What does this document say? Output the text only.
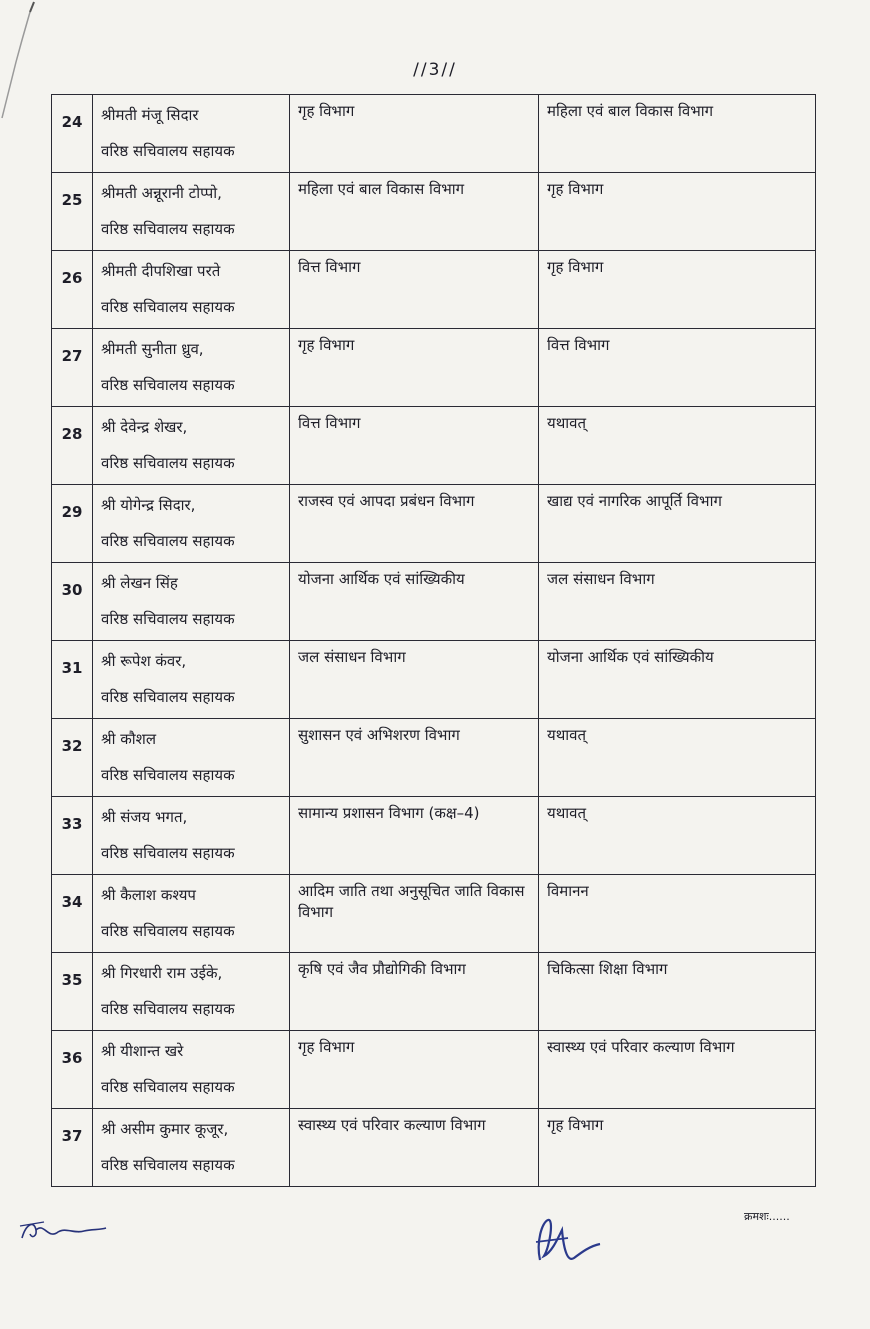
//3//
24	श्रीमती मंजू सिदार
वरिष्ठ सचिवालय सहायक	गृह विभाग	महिला एवं बाल विकास विभाग

25	श्रीमती अन्नूरानी टोप्पो,
वरिष्ठ सचिवालय सहायक	महिला एवं बाल विकास विभाग	गृह विभाग

26	श्रीमती दीपशिखा परते
वरिष्ठ सचिवालय सहायक	वित्त विभाग	गृह विभाग

27	श्रीमती सुनीता ध्रुव,
वरिष्ठ सचिवालय सहायक	गृह विभाग	वित्त विभाग

28	श्री देवेन्द्र शेखर,
वरिष्ठ सचिवालय सहायक	वित्त विभाग	यथावत्

29	श्री योगेन्द्र सिदार,
वरिष्ठ सचिवालय सहायक	राजस्व एवं आपदा प्रबंधन विभाग	खाद्य एवं नागरिक आपूर्ति विभाग

30	श्री लेखन सिंह
वरिष्ठ सचिवालय सहायक	योजना आर्थिक एवं सांख्यिकीय	जल संसाधन विभाग

31	श्री रूपेश कंवर,
वरिष्ठ सचिवालय सहायक	जल संसाधन विभाग	योजना आर्थिक एवं सांख्यिकीय

32	श्री कौशल
वरिष्ठ सचिवालय सहायक	सुशासन एवं अभिशरण विभाग	यथावत्

33	श्री संजय भगत,
वरिष्ठ सचिवालय सहायक	सामान्य प्रशासन विभाग (कक्ष–4)	यथावत्

34	श्री कैलाश कश्यप
वरिष्ठ सचिवालय सहायक	आदिम जाति तथा अनुसूचित जाति विकास विभाग	विमानन

35	श्री गिरधारी राम उईके,
वरिष्ठ सचिवालय सहायक	कृषि एवं जैव प्रौद्योगिकी विभाग	चिकित्सा शिक्षा विभाग

36	श्री यीशान्त खरे
वरिष्ठ सचिवालय सहायक	गृह विभाग	स्वास्थ्य एवं परिवार कल्याण विभाग

37	श्री असीम कुमार कूजूर,
वरिष्ठ सचिवालय सहायक	स्वास्थ्य एवं परिवार कल्याण विभाग	गृह विभाग
क्रमशः......
